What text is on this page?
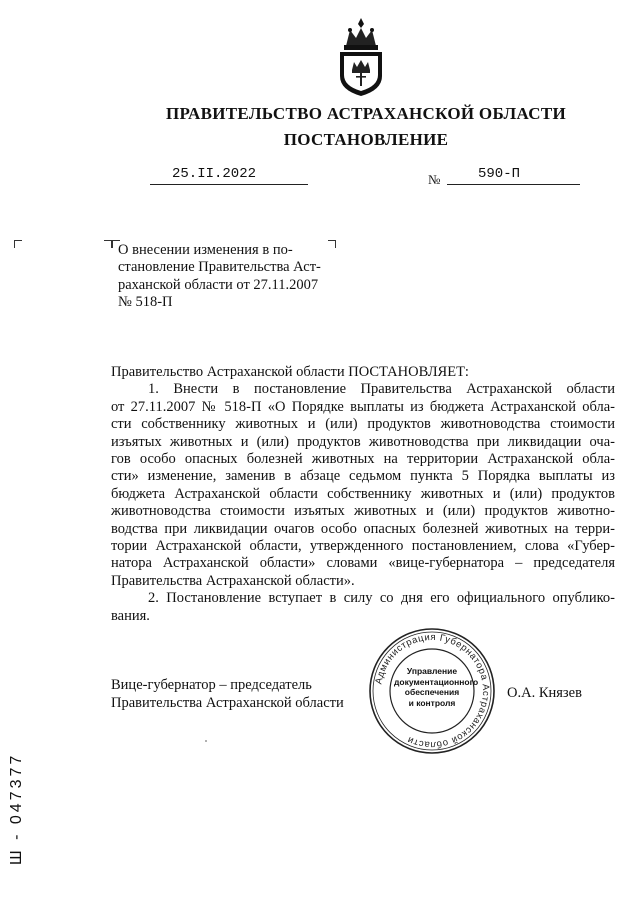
ПРАВИТЕЛЬСТВО АСТРАХАНСКОЙ ОБЛАСТИ
ПОСТАНОВЛЕНИЕ
25.II.2022	№	590-П
О внесении изменения в по-
становление Правительства Аст-
раханской области от 27.11.2007
№ 518-П

Правительство Астраханской области ПОСТАНОВЛЯЕТ:

1. Внести в постановление Правительства Астраханской области

от 27.11.2007 № 518-П «О Порядке выплаты из бюджета Астраханской обла-

сти собственнику животных и (или) продуктов животноводства стоимости

изъятых животных и (или) продуктов животноводства при ликвидации оча-

гов особо опасных болезней животных на территории Астраханской обла-

сти» изменение, заменив в абзаце седьмом пункта 5 Порядка выплаты из

бюджета Астраханской области собственнику животных и (или) продуктов

животноводства стоимости изъятых животных и (или) продуктов животно-

водства при ликвидации очагов особо опасных болезней животных на терри-

тории Астраханской области, утвержденного постановлением, слова «Губер-

натора Астраханской области» словами «вице-губернатора – председателя

Правительства Астраханской области».

2. Постановление вступает в силу со дня его официального опублико-

вания.

Вице-губернатор – председатель
Правительства Астраханской области
О.А. Князев
Администрация Губернатора Астраханской области
Управление
документационного
обеспечения
и контроля
Ш - 047377
